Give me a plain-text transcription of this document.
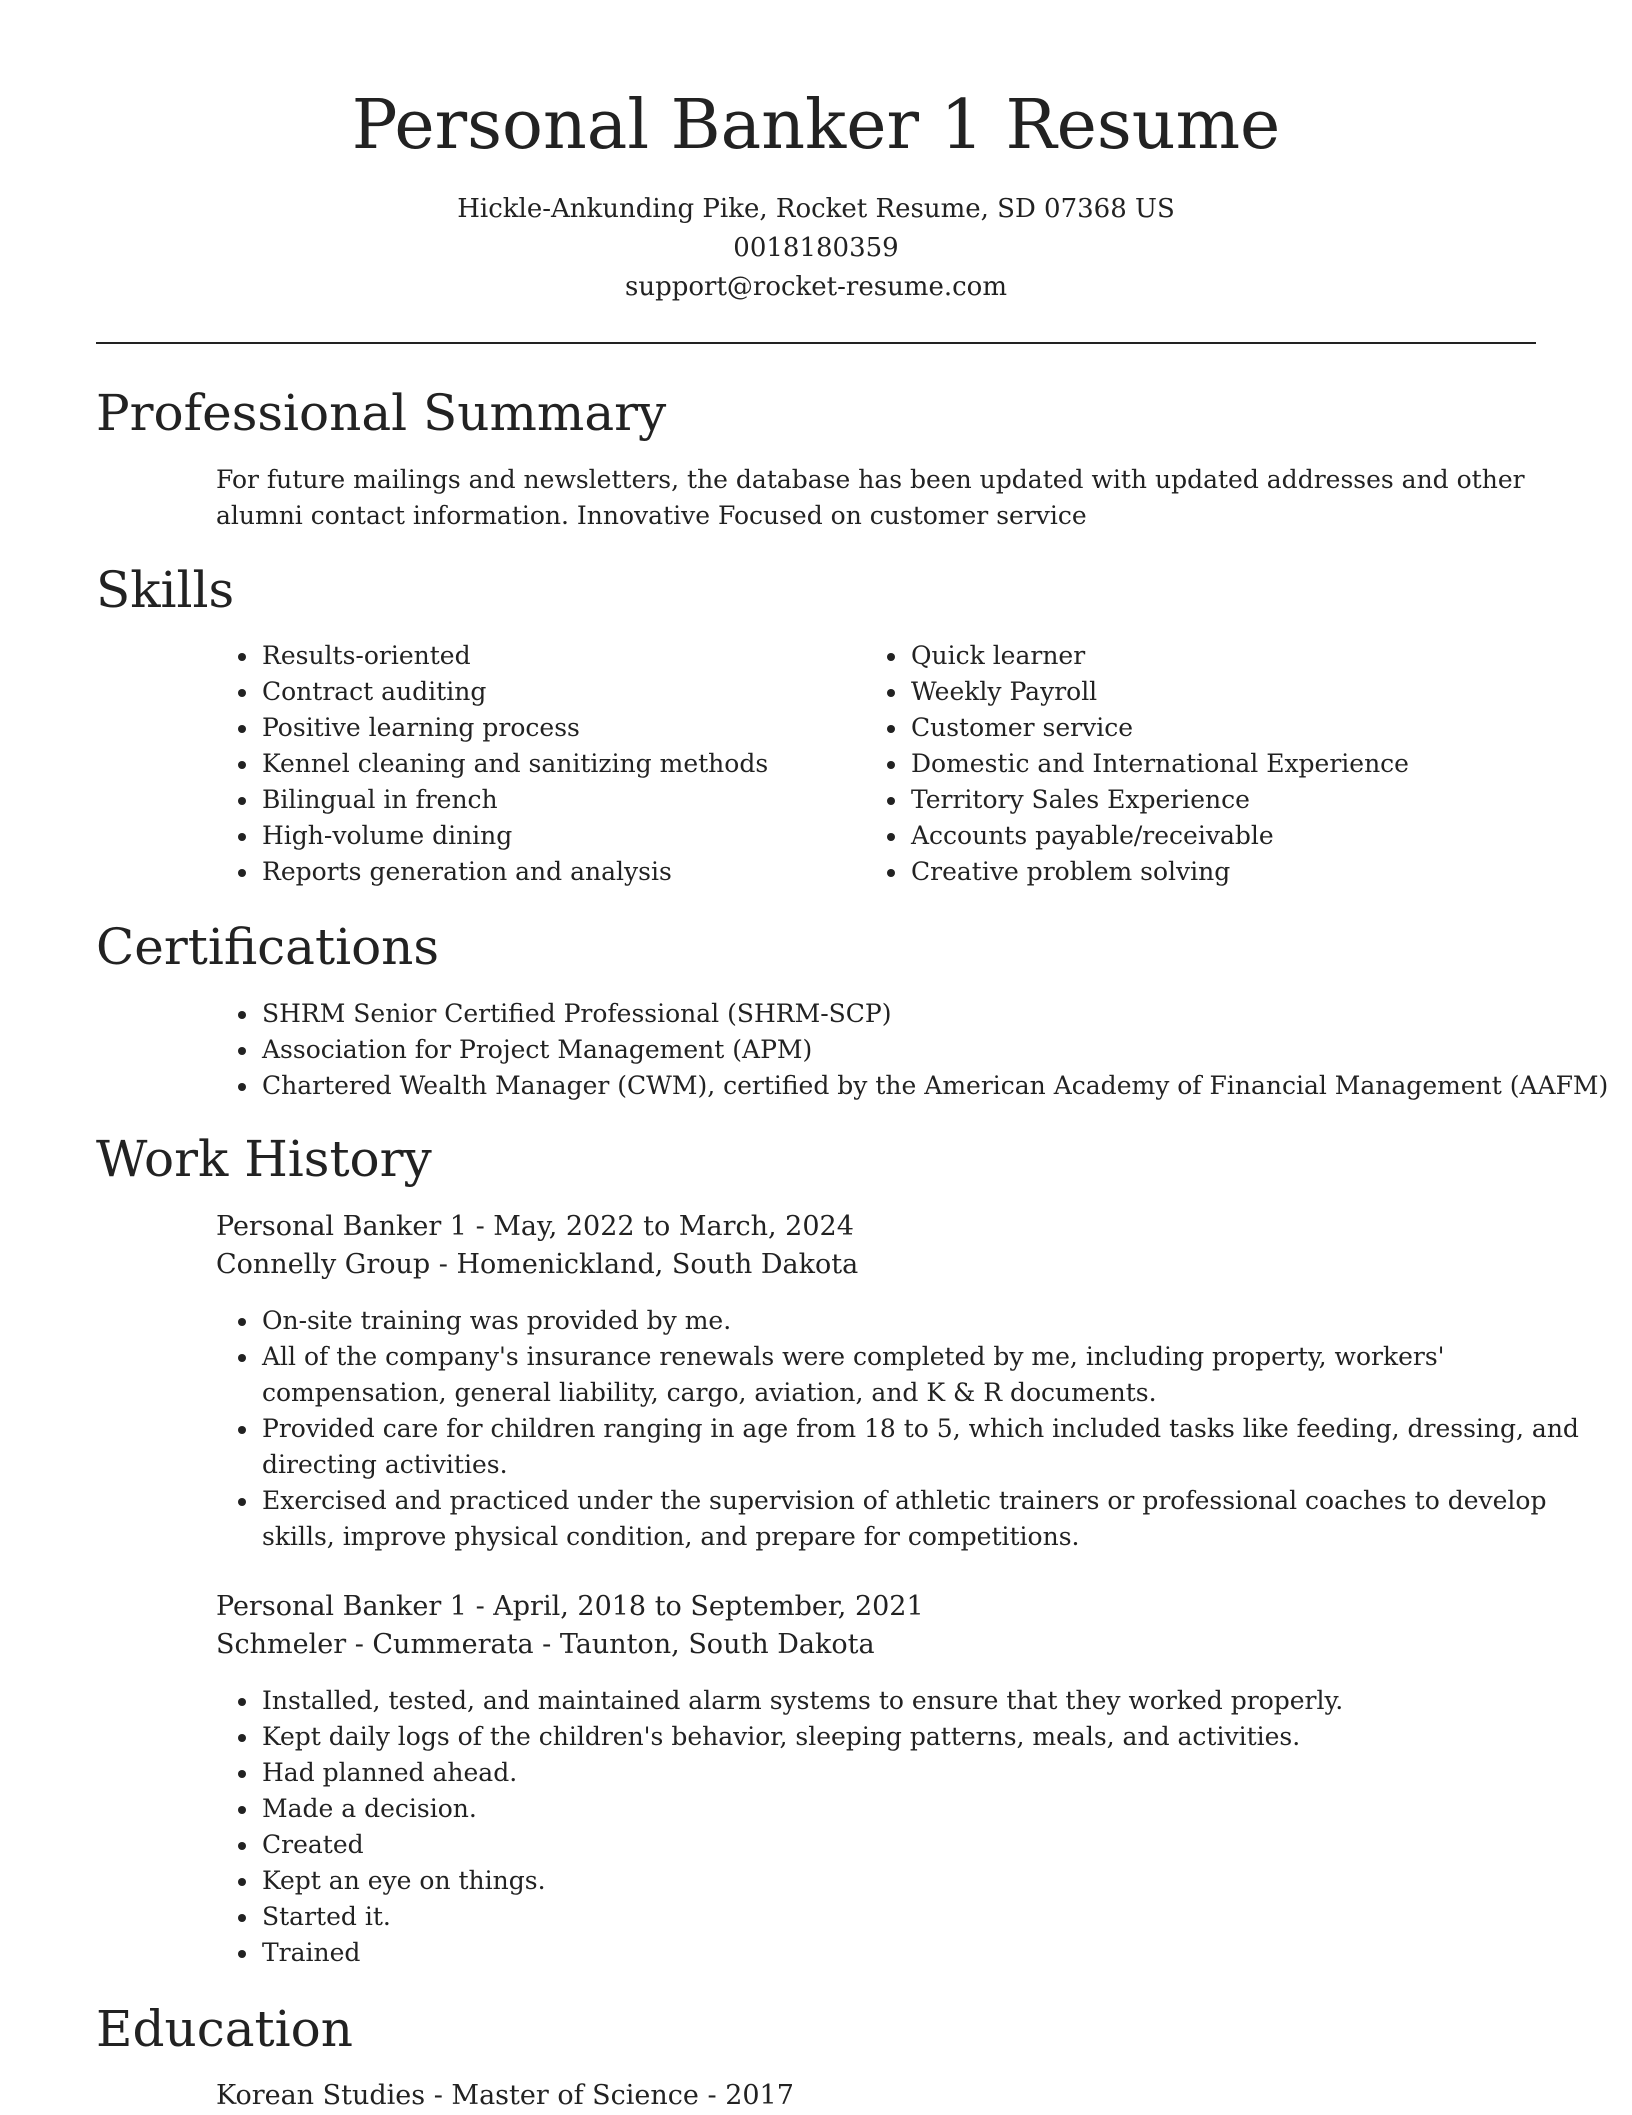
Personal Banker 1 Resume
Hickle-Ankunding Pike, Rocket Resume, SD 07368 US
0018180359
support@rocket-resume.com
Professional Summary

For future mailings and newsletters, the database has been updated with updated addresses and other alumni contact information. Innovative Focused on customer service

Skills
• Results-oriented
• Contract auditing
• Positive learning process
• Kennel cleaning and sanitizing methods
• Bilingual in french
• High-volume dining
• Reports generation and analysis
• Quick learner
• Weekly Payroll
• Customer service
• Domestic and International Experience
• Territory Sales Experience
• Accounts payable/receivable
• Creative problem solving
Certifications
• SHRM Senior Certified Professional (SHRM-SCP)
• Association for Project Management (APM)
• Chartered Wealth Manager (CWM), certified by the American Academy of Financial Management (AAFM)
Work History
Personal Banker 1 - May, 2022 to March, 2024
Connelly Group - Homenickland, South Dakota
• On-site training was provided by me.
• All of the company's insurance renewals were completed by me, including property, workers' compensation, general liability, cargo, aviation, and K & R documents.
• Provided care for children ranging in age from 18 to 5, which included tasks like feeding, dressing, and directing activities.
• Exercised and practiced under the supervision of athletic trainers or professional coaches to develop skills, improve physical condition, and prepare for competitions.
Personal Banker 1 - April, 2018 to September, 2021
Schmeler - Cummerata - Taunton, South Dakota
• Installed, tested, and maintained alarm systems to ensure that they worked properly.
• Kept daily logs of the children's behavior, sleeping patterns, meals, and activities.
• Had planned ahead.
• Made a decision.
• Created
• Kept an eye on things.
• Started it.
• Trained
Education
Korean Studies - Master of Science - 2017
